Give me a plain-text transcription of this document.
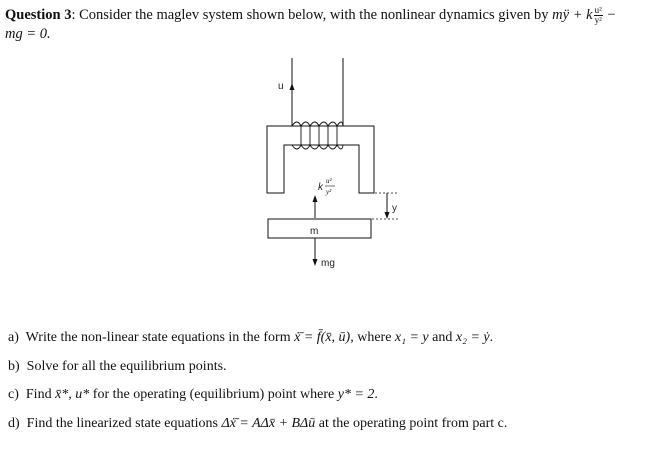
Question 3: Consider the maglev system shown below, with the nonlinear dynamics given by mÿ + k $\frac{\text{u²}}{\text{y²}}$ −
mg = 0.
u
k
u²
y²
m
mg
y
a) Write the non-linear state equations in the form ẋ̄ = f̄(x̄, ū), where x₁ = y and x₂ = ẏ.
b) Solve for all the equilibrium points.
c) Find x̄*, u* for the operating (equilibrium) point where y* = 2.
d) Find the linearized state equations Δẋ̄ = AΔx̄ + BΔū at the operating point from part c.
